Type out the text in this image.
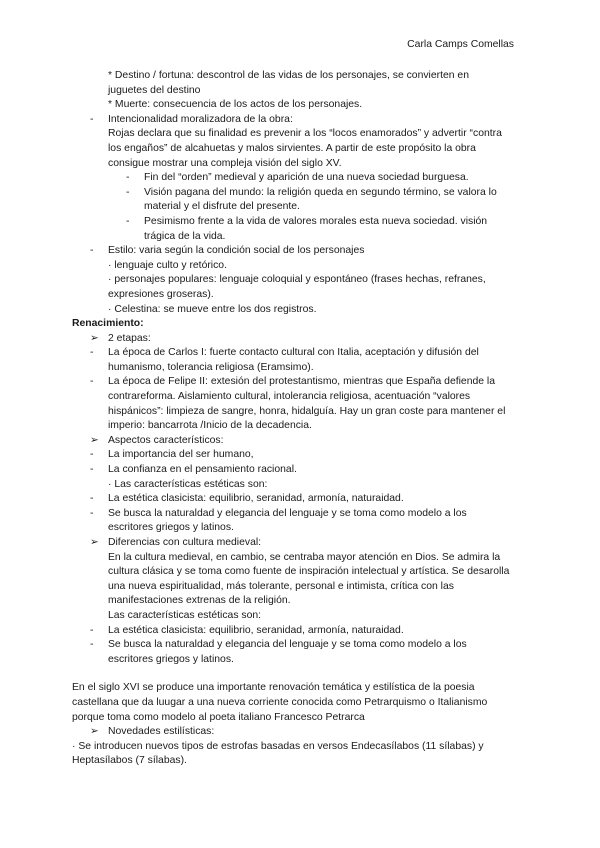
Carla Camps Comellas
* Destino / fortuna: descontrol de las vidas de los personajes, se convierten en juguetes del destino
* Muerte: consecuencia de los actos de los personajes.
- Intencionalidad moralizadora de la obra:
Rojas declara que su finalidad es prevenir a los “locos enamorados” y advertir “contra los engaños” de alcahuetas y malos sirvientes. A partir de este propósito la obra consigue mostrar una compleja visión del siglo XV.
- Fin del “orden” medieval y aparición de una nueva sociedad burguesa.
- Visión pagana del mundo: la religión queda en segundo término, se valora lo material y el disfrute del presente.
- Pesimismo frente a la vida de valores morales esta nueva sociedad. visión trágica de la vida.
- Estilo: varia según la condición social de los personajes
· lenguaje culto y retórico.
· personajes populares: lenguaje coloquial y espontáneo (frases hechas, refranes, expresiones groseras).
· Celestina: se mueve entre los dos registros.
Renacimiento:
➢ 2 etapas:
- La época de Carlos I: fuerte contacto cultural con Italia, aceptación y difusión del humanismo, tolerancia religiosa (Eramsimo).
- La época de Felipe II: extesión del protestantismo, mientras que España defiende la contrareforma. Aislamiento cultural, intolerancia religiosa, acentuación “valores hispánicos”: limpieza de sangre, honra, hidalguía. Hay un gran coste para mantener el imperio: bancarrota /Inicio de la decadencia.
➢ Aspectos característicos:
- La importancia del ser humano,
- La confianza en el pensamiento racional.
· Las características estéticas son:
- La estética clasicista: equilibrio, seranidad, armonía, naturaidad.
- Se busca la naturaldad y elegancia del lenguaje y se toma como modelo a los escritores griegos y latinos.
➢ Diferencias con cultura medieval:
En la cultura medieval, en cambio, se centraba mayor atención en Dios. Se admira la cultura clásica y se toma como fuente de inspiración intelectual y artística. Se desarolla una nueva espiritualidad, más tolerante, personal e intimista, crítica con las manifestaciones extrenas de la religión.
Las características estéticas son:
- La estética clasicista: equilibrio, seranidad, armonía, naturaidad.
- Se busca la naturaldad y elegancia del lenguaje y se toma como modelo a los escritores griegos y latinos.
En el siglo XVI se produce una importante renovación temática y estilística de la poesia castellana que da luugar a una nueva corriente conocida como Petrarquismo o Italianismo porque toma como modelo al poeta italiano Francesco Petrarca
➢ Novedades estilísticas:
· Se introducen nuevos tipos de estrofas basadas en versos Endecasílabos (11 sílabas) y Heptasílabos (7 sílabas).
